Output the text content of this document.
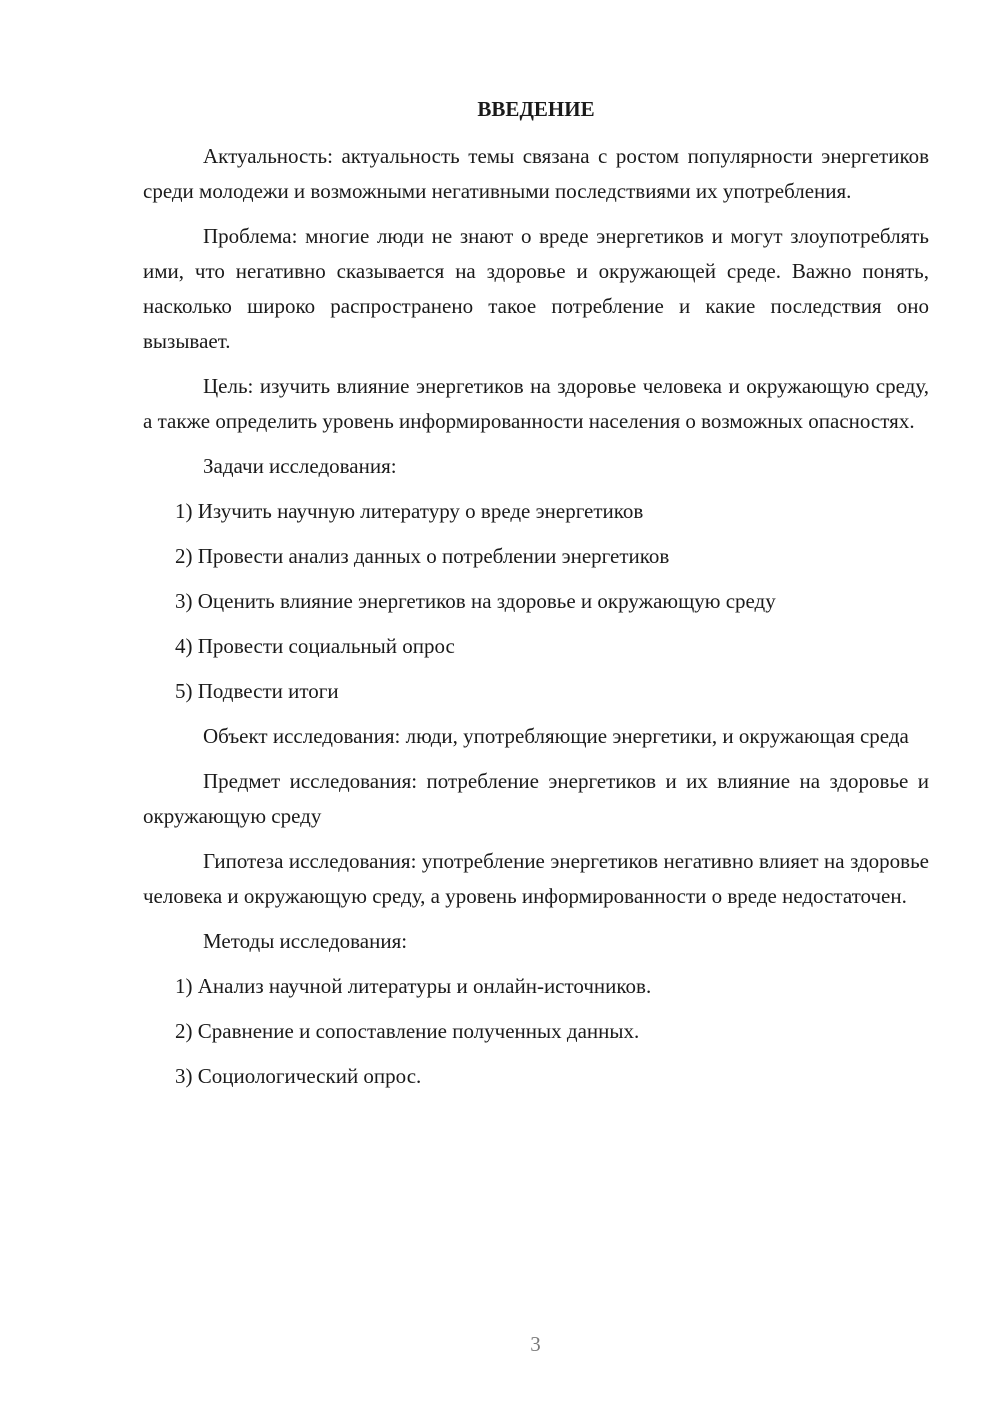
ВВЕДЕНИЕ

Актуальность: актуальность темы связана с ростом популярности энергетиков среди молодежи и возможными негативными последствиями их употребления.

Проблема: многие люди не знают о вреде энергетиков и могут злоупотреблять ими, что негативно сказывается на здоровье и окружающей среде. Важно понять, насколько широко распространено такое потребление и какие последствия оно вызывает.

Цель: изучить влияние энергетиков на здоровье человека и окружающую среду, а также определить уровень информированности населения о возможных опасностях.

Задачи исследования:

1) Изучить научную литературу о вреде энергетиков
2) Провести анализ данных о потреблении энергетиков
3) Оценить влияние энергетиков на здоровье и окружающую среду
4) Провести социальный опрос
5) Подвести итоги

Объект исследования: люди, употребляющие энергетики, и окружающая среда

Предмет исследования: потребление энергетиков и их влияние на здоровье и окружающую среду

Гипотеза исследования: употребление энергетиков негативно влияет на здоровье человека и окружающую среду, а уровень информированности о вреде недостаточен.

Методы исследования:

1) Анализ научной литературы и онлайн-источников.
2) Сравнение и сопоставление полученных данных.
3) Социологический опрос.
3
